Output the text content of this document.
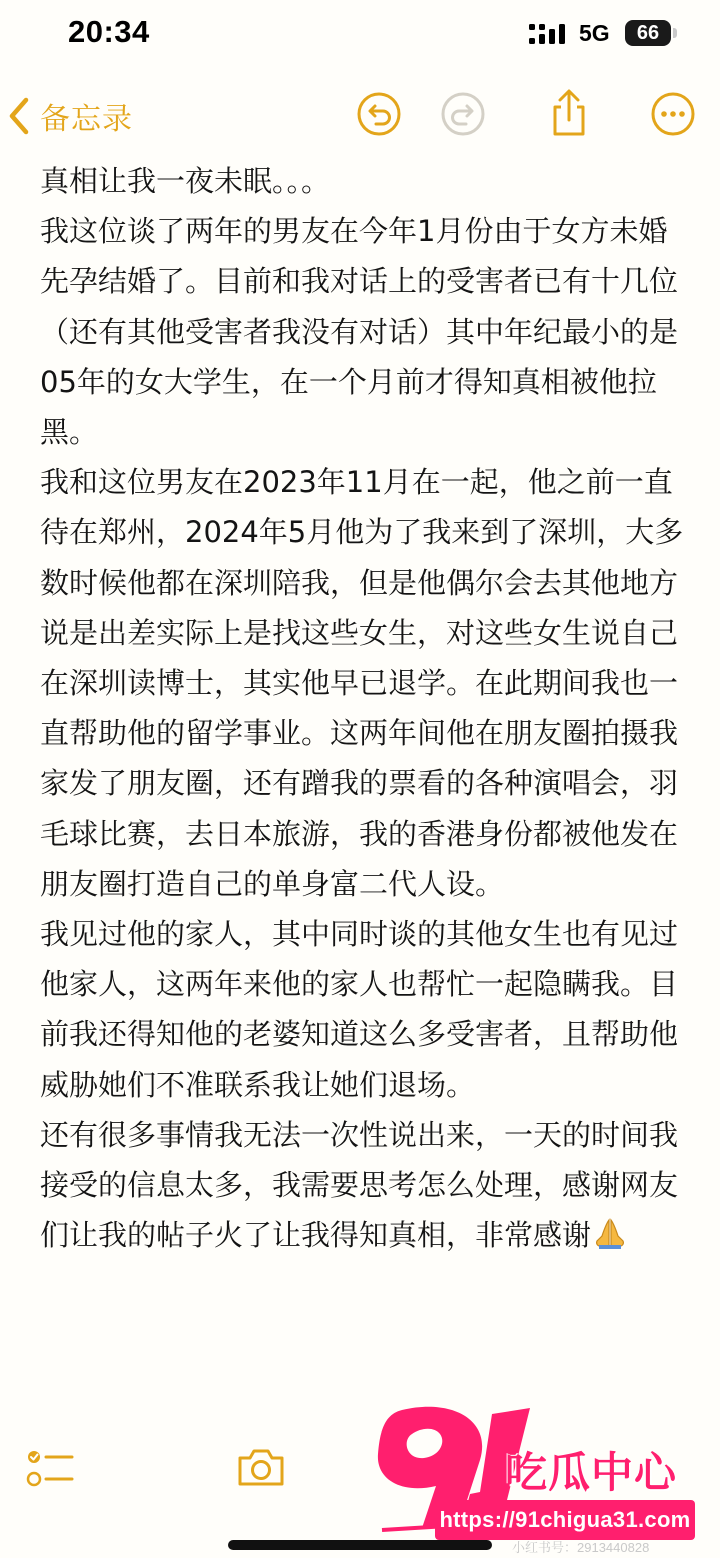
20:34	5G	66
备忘录

真相让我一夜未眠。。。

我这位谈了两年的男友在今年1月份由于女方未婚先孕结婚了。目前和我对话上的受害者已有十几位（还有其他受害者我没有对话）其中年纪最小的是05年的女大学生，在一个月前才得知真相被他拉黑。

我和这位男友在2023年11月在一起，他之前一直待在郑州，2024年5月他为了我来到了深圳，大多数时候他都在深圳陪我，但是他偶尔会去其他地方说是出差实际上是找这些女生，对这些女生说自己在深圳读博士，其实他早已退学。在此期间我也一直帮助他的留学事业。这两年间他在朋友圈拍摄我家发了朋友圈，还有蹭我的票看的各种演唱会，羽毛球比赛，去日本旅游，我的香港身份都被他发在朋友圈打造自己的单身富二代人设。

我见过他的家人，其中同时谈的其他女生也有见过他家人，这两年来他的家人也帮忙一起隐瞒我。目前我还得知他的老婆知道这么多受害者，且帮助他威胁她们不准联系我让她们退场。

还有很多事情我无法一次性说出来，一天的时间我接受的信息太多，我需要思考怎么处理，感谢网友们让我的帖子火了让我得知真相，非常感谢

吃瓜中心
https://91chigua31.com
小红书号：2913440828
